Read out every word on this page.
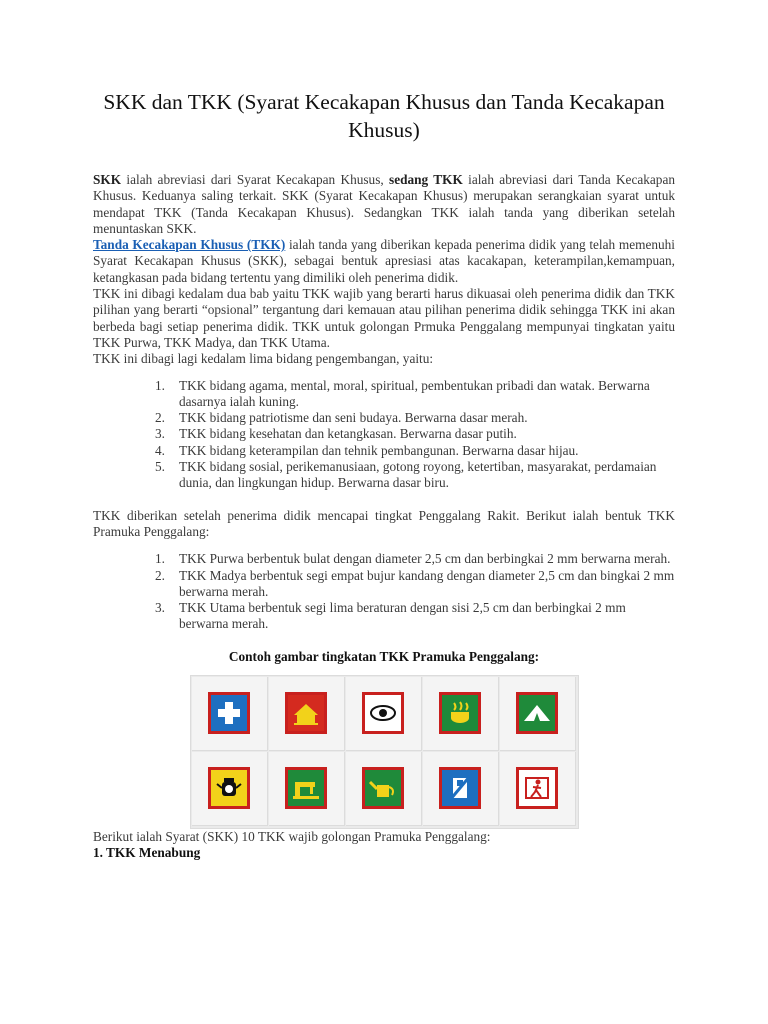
SKK dan TKK (Syarat Kecakapan Khusus dan Tanda Kecakapan Khusus)

SKK ialah abreviasi dari Syarat Kecakapan Khusus, sedang TKK ialah abreviasi dari Tanda Kecakapan Khusus. Keduanya saling terkait. SKK (Syarat Kecakapan Khusus) merupakan serangkaian syarat untuk mendapat TKK (Tanda Kecakapan Khusus). Sedangkan TKK ialah tanda yang diberikan setelah menuntaskan SKK.

Tanda Kecakapan Khusus (TKK) ialah tanda yang diberikan kepada penerima didik yang telah memenuhi Syarat Kecakapan Khusus (SKK), sebagai bentuk apresiasi atas kacakapan, keterampilan,kemampuan, ketangkasan pada bidang tertentu yang dimiliki oleh penerima didik.

TKK ini dibagi kedalam dua bab yaitu TKK wajib yang berarti harus dikuasai oleh penerima didik dan TKK pilihan yang berarti “opsional” tergantung dari kemauan atau pilihan penerima didik sehingga TKK ini akan berbeda bagi setiap penerima didik. TKK untuk golongan Prmuka Penggalang mempunyai tingkatan yaitu TKK Purwa, TKK Madya, dan TKK Utama.

TKK ini dibagi lagi kedalam lima bidang pengembangan, yaitu:

1. TKK bidang agama, mental, moral, spiritual, pembentukan pribadi dan watak. Berwarna dasarnya ialah kuning.
2. TKK bidang patriotisme dan seni budaya. Berwarna dasar merah.
3. TKK bidang kesehatan dan ketangkasan. Berwarna dasar putih.
4. TKK bidang keterampilan dan tehnik pembangunan. Berwarna dasar hijau.
5. TKK bidang sosial, perikemanusiaan, gotong royong, ketertiban, masyarakat, perdamaian dunia, dan lingkungan hidup. Berwarna dasar biru.

TKK diberikan setelah penerima didik mencapai tingkat Penggalang Rakit. Berikut ialah bentuk TKK Pramuka Penggalang:

1. TKK Purwa berbentuk bulat dengan diameter 2,5 cm dan berbingkai 2 mm berwarna merah.
2. TKK Madya berbentuk segi empat bujur kandang dengan diameter 2,5 cm dan bingkai 2 mm berwarna merah.
3. TKK Utama berbentuk segi lima beraturan dengan sisi 2,5 cm dan berbingkai 2 mm berwarna merah.
Contoh gambar tingkatan TKK Pramuka Penggalang:

Berikut ialah Syarat (SKK) 10 TKK wajib golongan Pramuka Penggalang:

1. TKK Menabung
